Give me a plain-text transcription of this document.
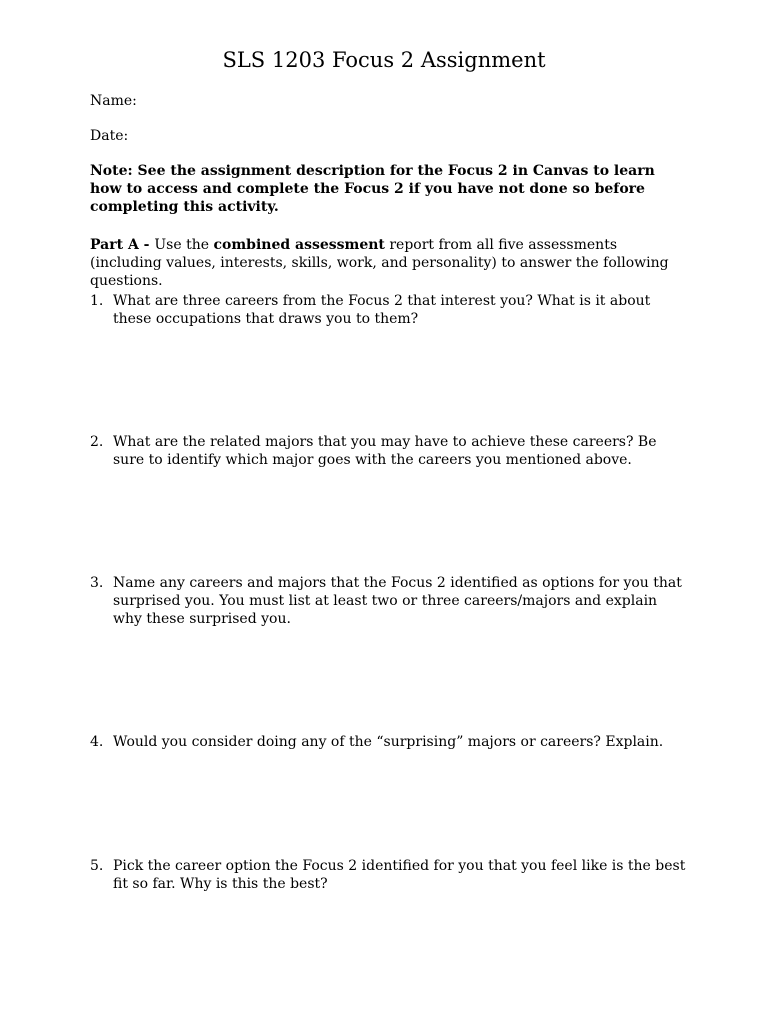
SLS 1203 Focus 2 Assignment
Name:
Date:
Note: See the assignment description for the Focus 2 in Canvas to learn how to access and complete the Focus 2 if you have not done so before completing this activity.
Part A - Use the combined assessment report from all five assessments (including values, interests, skills, work, and personality) to answer the following questions.
1. What are three careers from the Focus 2 that interest you? What is it about these occupations that draws you to them?
2. What are the related majors that you may have to achieve these careers? Be sure to identify which major goes with the careers you mentioned above.
3. Name any careers and majors that the Focus 2 identified as options for you that surprised you. You must list at least two or three careers/majors and explain why these surprised you.
4. Would you consider doing any of the “surprising” majors or careers? Explain.
5. Pick the career option the Focus 2 identified for you that you feel like is the best fit so far. Why is this the best?
